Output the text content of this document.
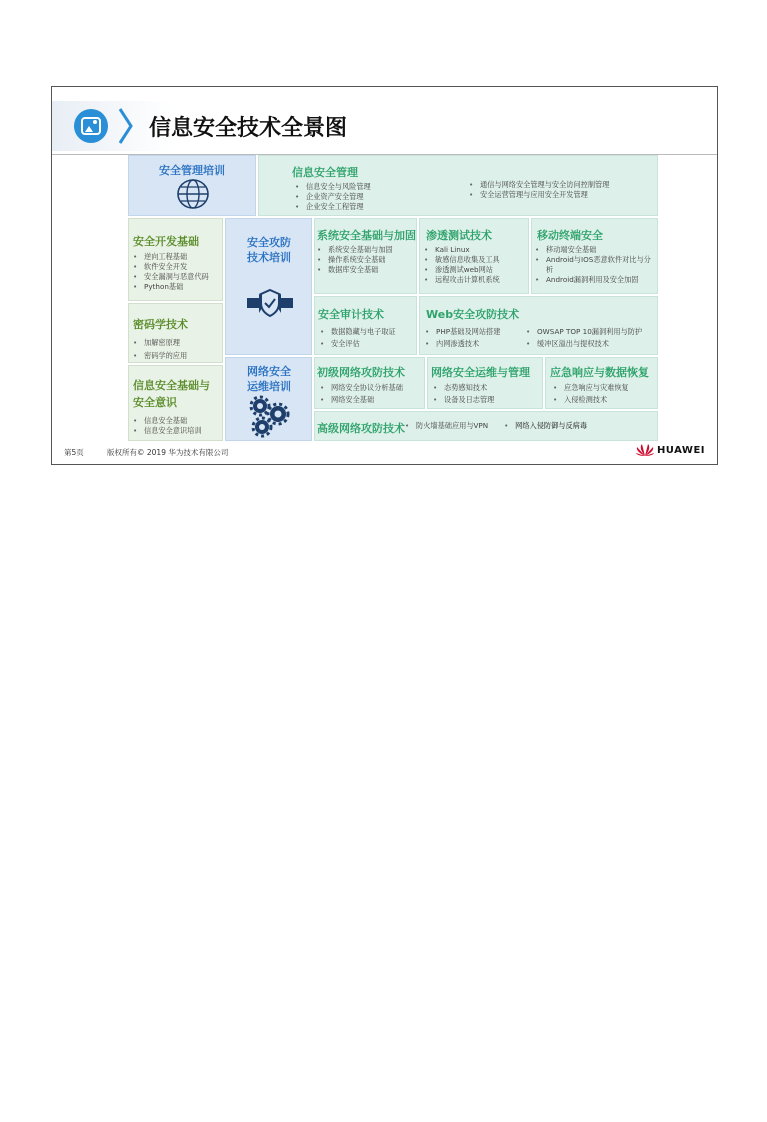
信息安全技术全景图
安全管理培训	信息安全管理
• 信息安全与风险管理
• 企业资产安全管理
• 企业安全工程管理
• 通信与网络安全管理与安全访问控制管理
• 安全运营管理与应用安全开发管理
安全开发基础
• 逆向工程基础
• 软件安全开发
• 安全漏洞与恶意代码
• Python基础
密码学技术
• 加解密原理
• 密码学的应用
信息安全基础与安全意识
• 信息安全基础
• 信息安全意识培训
安全攻防技术培训
网络安全运维培训
系统安全基础与加固
• 系统安全基础与加固
• 操作系统安全基础
• 数据库安全基础
渗透测试技术
• Kali Linux
• 敏感信息收集及工具
• 渗透测试web网站
• 远程攻击计算机系统
移动终端安全
• 移动端安全基础
• Android与IOS恶意软件对比与分析
• Android漏洞利用及安全加固
安全审计技术
• 数据隐藏与电子取证
• 安全评估
Web安全攻防技术
• PHP基础及网站搭建
• 内网渗透技术
• OWSAP TOP 10漏洞利用与防护
• 缓冲区溢出与提权技术
初级网络攻防技术
• 网络安全协议分析基础
• 网络安全基础
网络安全运维与管理
• 态势感知技术
• 设备及日志管理
应急响应与数据恢复
• 应急响应与灾难恢复
• 入侵检测技术
高级网络攻防技术	• 防火墙基础应用与VPN	• 网络入侵防御与反病毒
第5页	版权所有© 2019 华为技术有限公司	HUAWEI
